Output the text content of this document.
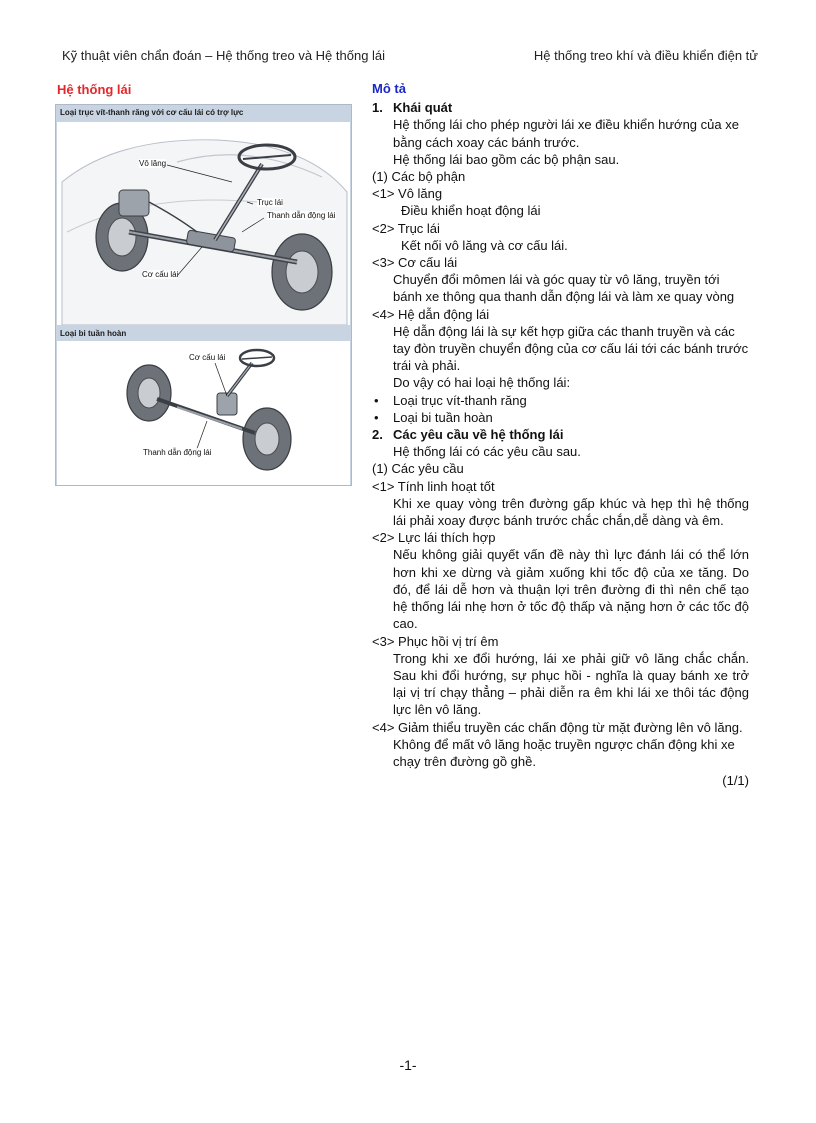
Kỹ thuật viên chẩn đoán – Hệ thống treo và Hệ thống lái	Hệ thống treo khí và điều khiển điện tử
Hệ thống lái
Loại trục vít-thanh răng với cơ cấu lái có trợ lực
Vô lăng
Trục lái
Thanh dẫn động lái
Cơ cấu lái
Loại bi tuần hoàn
Cơ cấu lái
Thanh dẫn động lái
Mô tả
1. Khái quát
Hệ thống lái cho phép người lái xe điều khiển hướng của xe bằng cách xoay các bánh trước.
Hệ thống lái bao gồm các bộ phận sau.
(1) Các bộ phận
<1> Vô lăng
Điều khiển hoạt động lái
<2> Trục lái
Kết nối vô lăng và cơ cấu lái.
<3> Cơ cấu lái
Chuyển đổi mômen lái và góc quay từ vô lăng, truyền tới bánh xe thông qua thanh dẫn động lái và làm xe quay vòng
<4> Hệ dẫn động lái
Hệ dẫn động lái là sự kết hợp giữa các thanh truyền và các tay đòn truyền chuyển động của cơ cấu lái tới các bánh trước trái và phải.
Do vậy có hai loại hệ thống lái:
• Loại trục vít-thanh răng
• Loại bi tuần hoàn
2. Các yêu cầu về hệ thống lái
Hệ thống lái có các yêu cầu sau.
(1) Các yêu cầu
<1> Tính linh hoạt tốt
Khi xe quay vòng trên đường gấp khúc và hẹp thì hệ thống lái phải xoay được bánh trước chắc chắn,dễ dàng và êm.
<2> Lực lái thích hợp
Nếu không giải quyết vấn đề này thì lực đánh lái có thể lớn hơn khi xe dừng và giảm xuống khi tốc độ của xe tăng. Do đó, để lái dễ hơn và thuận lợi trên đường đi thì nên chế tạo hệ thống lái nhẹ hơn ở tốc độ thấp và nặng hơn ở các tốc độ cao.
<3> Phục hồi vị trí êm
Trong khi xe đổi hướng, lái xe phải giữ vô lăng chắc chắn. Sau khi đổi hướng, sự phục hồi - nghĩa là quay bánh xe trở lại vị trí chạy thẳng – phải diễn ra êm khi lái xe thôi tác động lực lên vô lăng.
<4> Giảm thiểu truyền các chấn động từ mặt đường lên vô lăng.
Không để mất vô lăng hoặc truyền ngược chấn động khi xe chạy trên đường gồ ghề.
(1/1)
-1-
